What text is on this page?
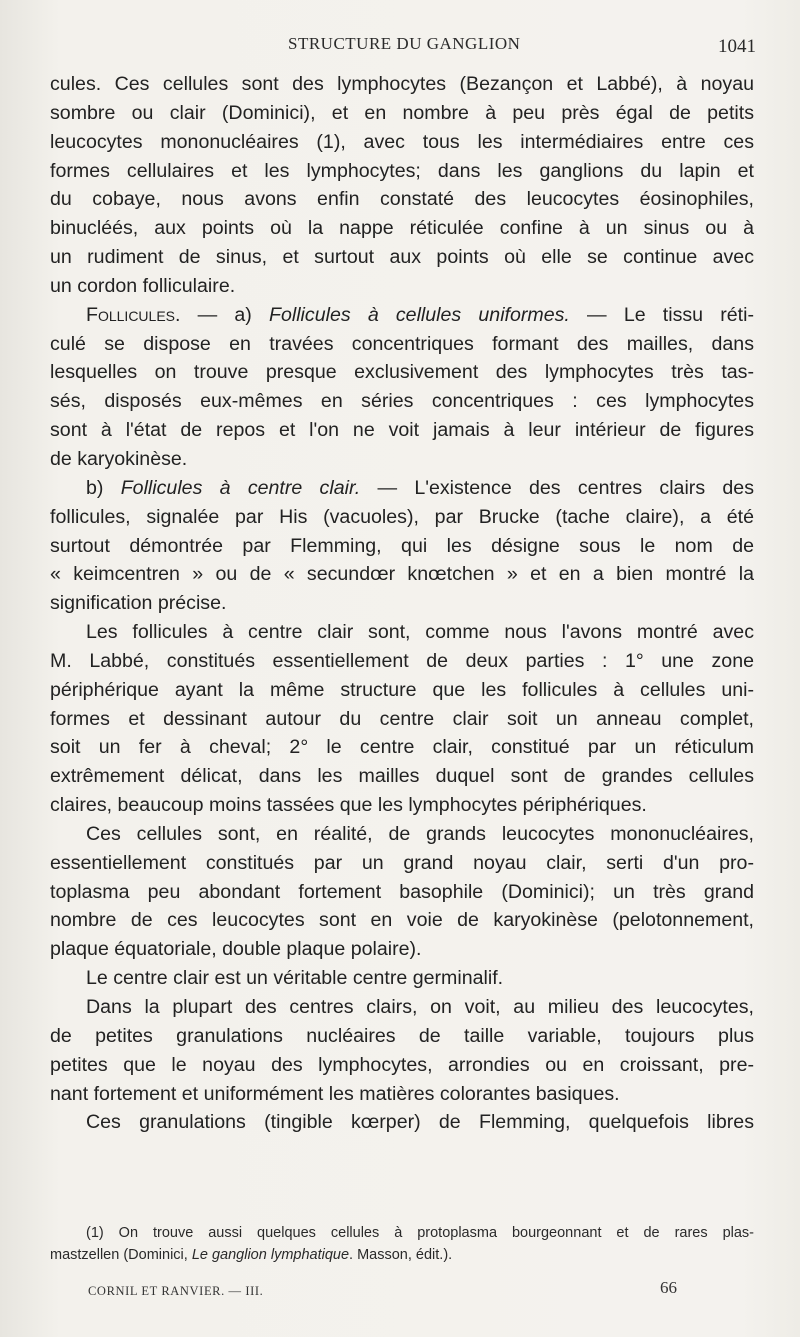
STRUCTURE DU GANGLION	1041

cules. Ces cellules sont des lymphocytes (Bezançon et Labbé), à noyau
sombre ou clair (Dominici), et en nombre à peu près égal de petits
leucocytes mononucléaires (1), avec tous les intermédiaires entre ces
formes cellulaires et les lymphocytes; dans les ganglions du lapin et
du cobaye, nous avons enfin constaté des leucocytes éosinophiles,
binucléés, aux points où la nappe réticulée confine à un sinus ou à
un rudiment de sinus, et surtout aux points où elle se continue avec
un cordon folliculaire.

Follicules. — a) Follicules à cellules uniformes. — Le tissu réti-
culé se dispose en travées concentriques formant des mailles, dans
lesquelles on trouve presque exclusivement des lymphocytes très tas-
sés, disposés eux-mêmes en séries concentriques : ces lymphocytes
sont à l'état de repos et l'on ne voit jamais à leur intérieur de figures
de karyokinèse.

b) Follicules à centre clair. — L'existence des centres clairs des
follicules, signalée par His (vacuoles), par Brucke (tache claire), a été
surtout démontrée par Flemming, qui les désigne sous le nom de
« keimcentren » ou de « secundœr knœtchen » et en a bien montré la
signification précise.

Les follicules à centre clair sont, comme nous l'avons montré avec
M. Labbé, constitués essentiellement de deux parties : 1° une zone
périphérique ayant la même structure que les follicules à cellules uni-
formes et dessinant autour du centre clair soit un anneau complet,
soit un fer à cheval; 2° le centre clair, constitué par un réticulum
extrêmement délicat, dans les mailles duquel sont de grandes cellules
claires, beaucoup moins tassées que les lymphocytes périphériques.

Ces cellules sont, en réalité, de grands leucocytes mononucléaires,
essentiellement constitués par un grand noyau clair, serti d'un pro-
toplasma peu abondant fortement basophile (Dominici); un très grand
nombre de ces leucocytes sont en voie de karyokinèse (pelotonnement,
plaque équatoriale, double plaque polaire).

Le centre clair est un véritable centre germinalif.

Dans la plupart des centres clairs, on voit, au milieu des leucocytes,
de petites granulations nucléaires de taille variable, toujours plus
petites que le noyau des lymphocytes, arrondies ou en croissant, pre-
nant fortement et uniformément les matières colorantes basiques.

Ces granulations (tingible kœrper) de Flemming, quelquefois libres

(1) On trouve aussi quelques cellules à protoplasma bourgeonnant et de rares plas-
mastzellen (Dominici, Le ganglion lymphatique. Masson, édit.).
CORNIL ET RANVIER. — III.	66
